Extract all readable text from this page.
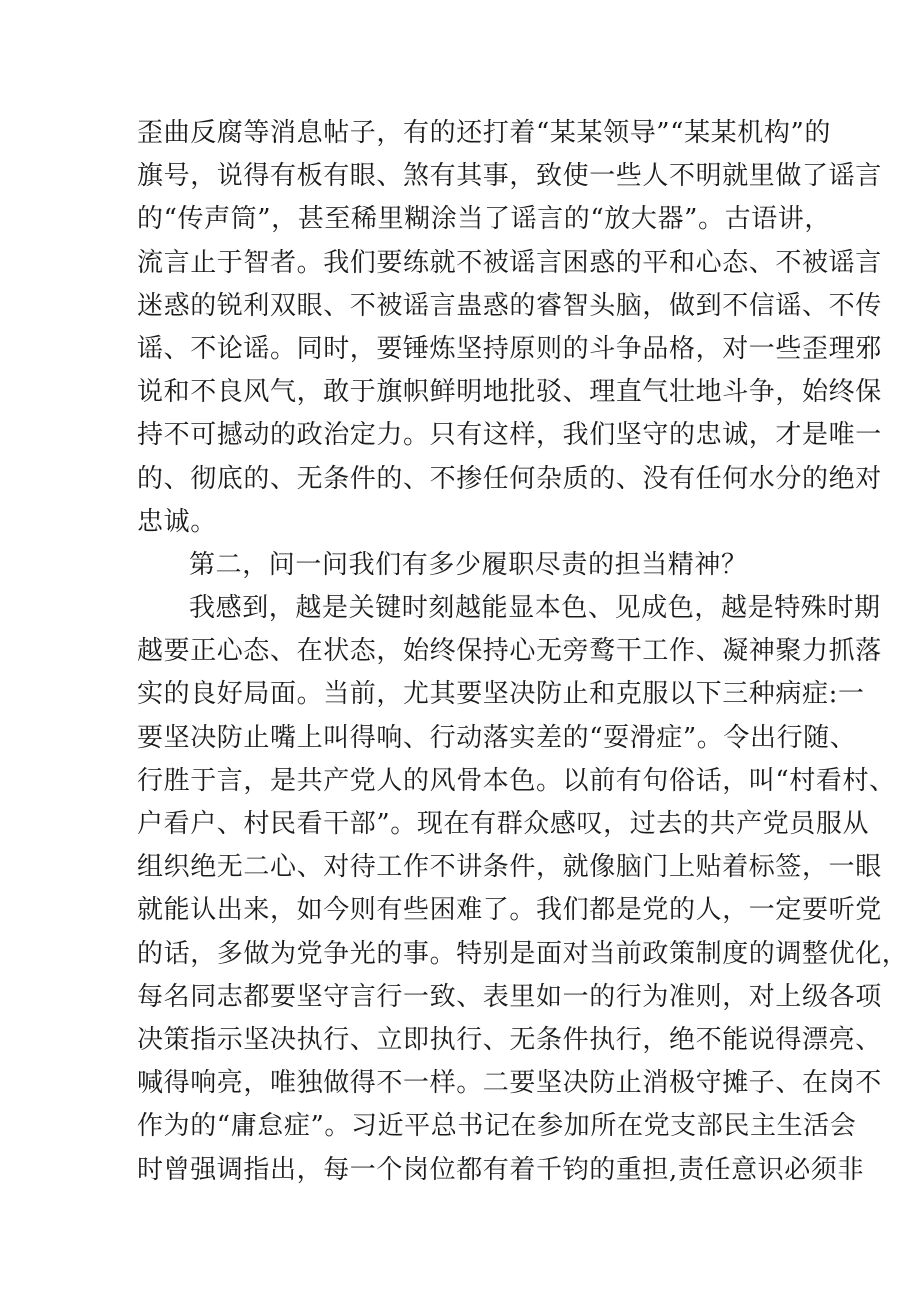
歪曲反腐等消息帖子，有的还打着“某某领导”“某某机构”的
旗号，说得有板有眼、煞有其事，致使一些人不明就里做了谣言
的“传声筒”，甚至稀里糊涂当了谣言的“放大器”。古语讲，
流言止于智者。我们要练就不被谣言困惑的平和心态、不被谣言
迷惑的锐利双眼、不被谣言蛊惑的睿智头脑，做到不信谣、不传
谣、不论谣。同时，要锤炼坚持原则的斗争品格，对一些歪理邪
说和不良风气，敢于旗帜鲜明地批驳、理直气壮地斗争，始终保
持不可撼动的政治定力。只有这样，我们坚守的忠诚，才是唯一
的、彻底的、无条件的、不掺任何杂质的、没有任何水分的绝对
忠诚。
第二，问一问我们有多少履职尽责的担当精神？
我感到，越是关键时刻越能显本色、见成色，越是特殊时期
越要正心态、在状态，始终保持心无旁鹜干工作、凝神聚力抓落
实的良好局面。当前，尤其要坚决防止和克服以下三种病症:一
要坚决防止嘴上叫得响、行动落实差的“耍滑症”。令出行随、
行胜于言，是共产党人的风骨本色。以前有句俗话，叫“村看村、
户看户、村民看干部”。现在有群众感叹，过去的共产党员服从
组织绝无二心、对待工作不讲条件，就像脑门上贴着标签，一眼
就能认出来，如今则有些困难了。我们都是党的人，一定要听党
的话，多做为党争光的事。特别是面对当前政策制度的调整优化，
每名同志都要坚守言行一致、表里如一的行为准则，对上级各项
决策指示坚决执行、立即执行、无条件执行，绝不能说得漂亮、
喊得响亮，唯独做得不一样。二要坚决防止消极守摊子、在岗不
作为的“庸怠症”。习近平总书记在参加所在党支部民主生活会
时曾强调指出，每一个岗位都有着千钧的重担,责任意识必须非
